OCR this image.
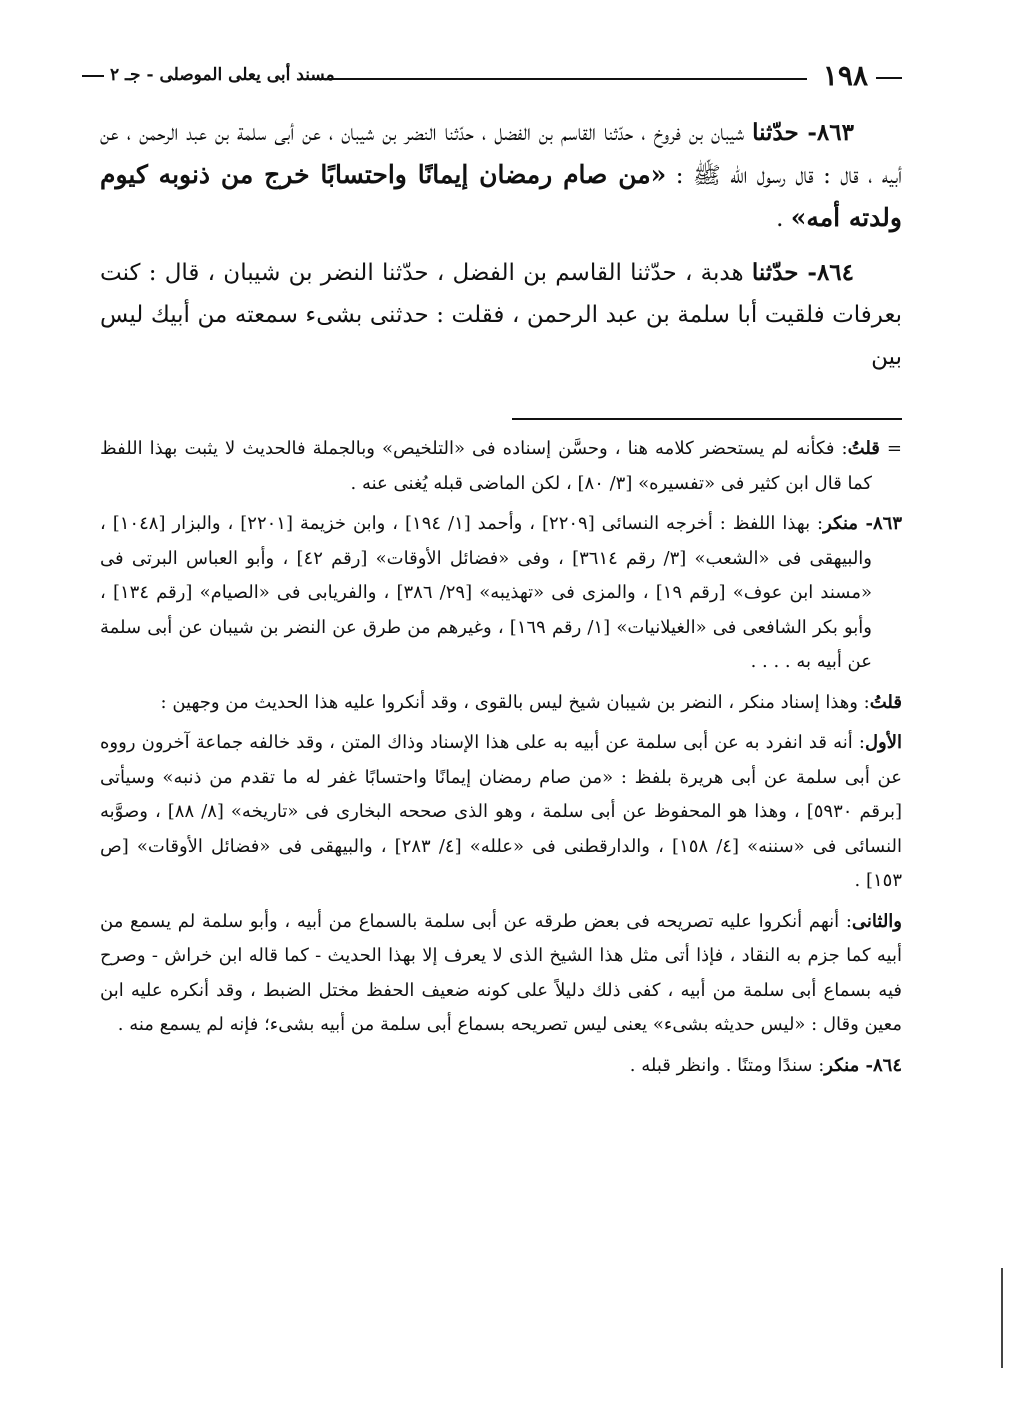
١٩٨
مسند أبى يعلى الموصلى - جـ ٢

٨٦٣- حدّثنا شيبان بن فروخ ، حدّثنا القاسم بن الفضل ، حدّثنا النضر بن شيبان ، عن أبى سلمة بن عبد الرحمن ، عن أبيه ، قال : قال رسول اللّه ﷺ : «من صام رمضان إيمانًا واحتسابًا خرج من ذنوبه كيوم ولدته أمه» .

٨٦٤- حدّثنا هدبة ، حدّثنا القاسم بن الفضل ، حدّثنا النضر بن شيبان ، قال : كنت بعرفات فلقيت أبا سلمة بن عبد الرحمن ، فقلت : حدثنى بشىء سمعته من أبيك ليس بين

= قلتُ: فكأنه لم يستحضر كلامه هنا ، وحسَّن إسناده فى «التلخيص» وبالجملة فالحديث لا يثبت بهذا اللفظ كما قال ابن كثير فى «تفسيره» [٣/ ٨٠] ، لكن الماضى قبله يُغنى عنه .

٨٦٣- منكر: بهذا اللفظ : أخرجه النسائى [٢٢٠٩] ، وأحمد [١/ ١٩٤] ، وابن خزيمة [٢٢٠١] ، والبزار [١٠٤٨] ، والبيهقى فى «الشعب» [٣/ رقم ٣٦١٤] ، وفى «فضائل الأوقات» [رقم ٤٢] ، وأبو العباس البرتى فى «مسند ابن عوف» [رقم ١٩] ، والمزى فى «تهذيبه» [٢٩/ ٣٨٦] ، والفريابى فى «الصيام» [رقم ١٣٤] ، وأبو بكر الشافعى فى «الغيلانيات» [١/ رقم ١٦٩] ، وغيرهم من طرق عن النضر بن شيبان عن أبى سلمة عن أبيه به . . . .

قلتُ: وهذا إسناد منكر ، النضر بن شيبان شيخ ليس بالقوى ، وقد أنكروا عليه هذا الحديث من وجهين :

الأول: أنه قد انفرد به عن أبى سلمة عن أبيه به على هذا الإسناد وذاك المتن ، وقد خالفه جماعة آخرون رووه عن أبى سلمة عن أبى هريرة بلفظ : «من صام رمضان إيمانًا واحتسابًا غفر له ما تقدم من ذنبه» وسيأتى [برقم ٥٩٣٠] ، وهذا هو المحفوظ عن أبى سلمة ، وهو الذى صححه البخارى فى «تاريخه» [٨/ ٨٨] ، وصوَّبه النسائى فى «سننه» [٤/ ١٥٨] ، والدارقطنى فى «علله» [٤/ ٢٨٣] ، والبيهقى فى «فضائل الأوقات» [ص ١٥٣] .

والثانى: أنهم أنكروا عليه تصريحه فى بعض طرقه عن أبى سلمة بالسماع من أبيه ، وأبو سلمة لم يسمع من أبيه كما جزم به النقاد ، فإذا أتى مثل هذا الشيخ الذى لا يعرف إلا بهذا الحديث - كما قاله ابن خراش - وصرح فيه بسماع أبى سلمة من أبيه ، كفى ذلك دليلاً على كونه ضعيف الحفظ مختل الضبط ، وقد أنكره عليه ابن معين وقال : «ليس حديثه بشىء» يعنى ليس تصريحه بسماع أبى سلمة من أبيه بشىء؛ فإنه لم يسمع منه .

٨٦٤- منكر: سندًا ومتنًا . وانظر قبله .
